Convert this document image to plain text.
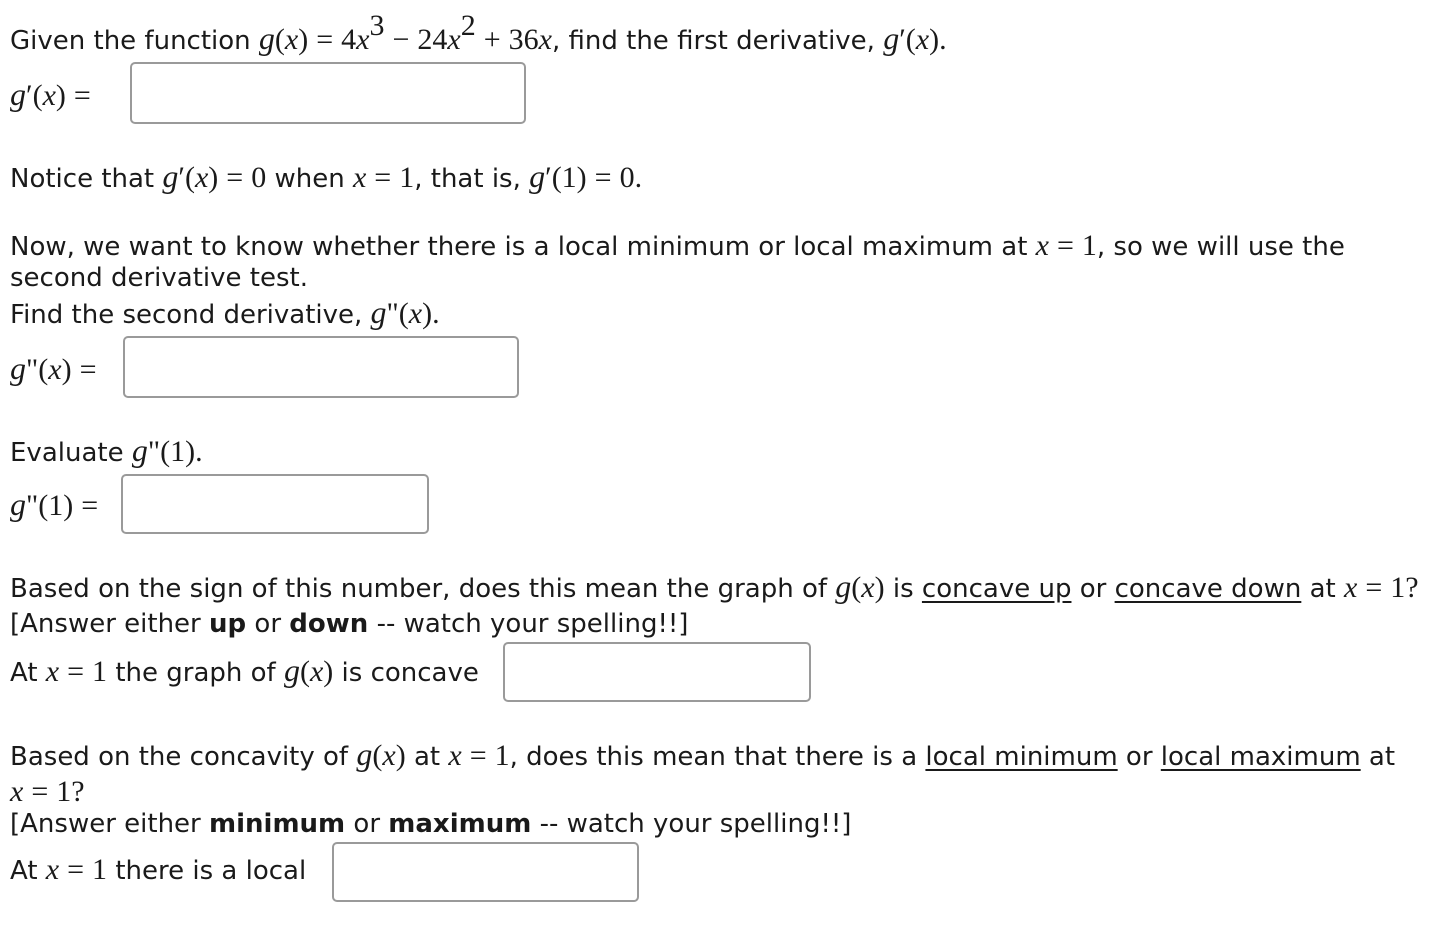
Given the function $g(x) = 4x^3 - 24x^2 + 36x$, find the first derivative, g′(x).
g′(x) =
Notice that g′(x) = 0 when x = 1, that is, g′(1) = 0.
Now, we want to know whether there is a local minimum or local maximum at x = 1, so we will use the
second derivative test.
Find the second derivative, g"(x).
g"(x) =
Evaluate g"(1).
g"(1) =
Based on the sign of this number, does this mean the graph of g(x) is concave up or concave down at x = 1?
[Answer either up or down -- watch your spelling!!]
At x = 1 the graph of g(x) is concave
Based on the concavity of g(x) at x = 1, does this mean that there is a local minimum or local maximum at
x = 1?
[Answer either minimum or maximum -- watch your spelling!!]
At x = 1 there is a local
